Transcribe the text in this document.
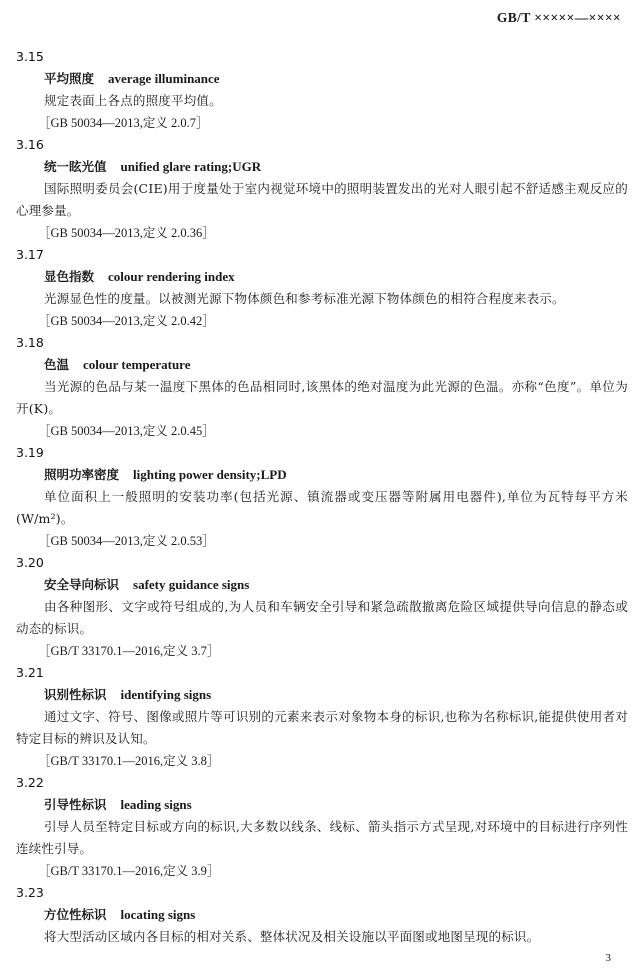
GB/T ×××××—××××
3.15
平均照度 average illuminance
规定表面上各点的照度平均值。
［GB 50034—2013,定义 2.0.7］
3.16
统一眩光值 unified glare rating;UGR
国际照明委员会(CIE)用于度量处于室内视觉环境中的照明装置发出的光对人眼引起不舒适感主观反应的心理参量。
［GB 50034—2013,定义 2.0.36］
3.17
显色指数 colour rendering index
光源显色性的度量。以被测光源下物体颜色和参考标准光源下物体颜色的相符合程度来表示。
［GB 50034—2013,定义 2.0.42］
3.18
色温 colour temperature
当光源的色品与某一温度下黑体的色品相同时,该黑体的绝对温度为此光源的色温。亦称“色度”。单位为开(K)。
［GB 50034—2013,定义 2.0.45］
3.19
照明功率密度 lighting power density;LPD
单位面积上一般照明的安装功率(包括光源、镇流器或变压器等附属用电器件),单位为瓦特每平方米(W/m²)。
［GB 50034—2013,定义 2.0.53］
3.20
安全导向标识 safety guidance signs
由各种图形、文字或符号组成的,为人员和车辆安全引导和紧急疏散撤离危险区域提供导向信息的静态或动态的标识。
［GB/T 33170.1—2016,定义 3.7］
3.21
识别性标识 identifying signs
通过文字、符号、图像或照片等可识别的元素来表示对象物本身的标识,也称为名称标识,能提供使用者对特定目标的辨识及认知。
［GB/T 33170.1—2016,定义 3.8］
3.22
引导性标识 leading signs
引导人员至特定目标或方向的标识,大多数以线条、线标、箭头指示方式呈现,对环境中的目标进行序列性连续性引导。
［GB/T 33170.1—2016,定义 3.9］
3.23
方位性标识 locating signs
将大型活动区域内各目标的相对关系、整体状况及相关设施以平面图或地图呈现的标识。
3
